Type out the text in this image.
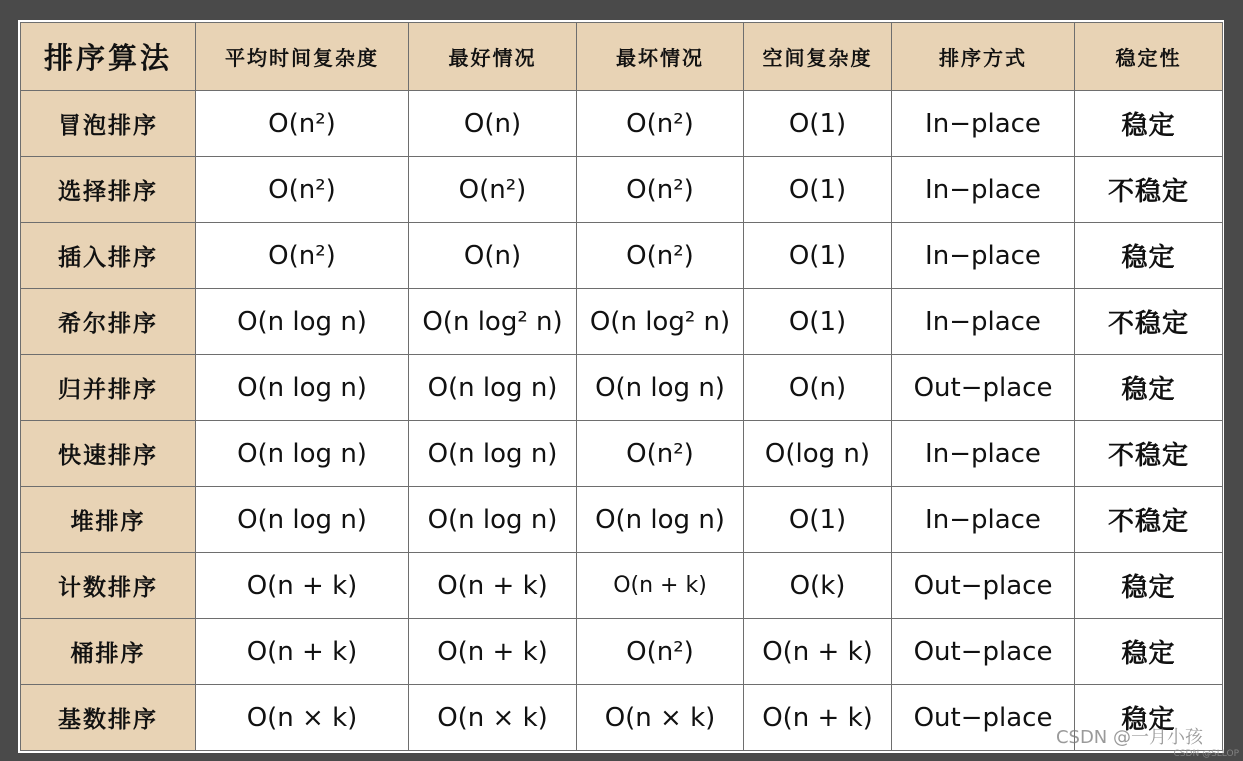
排序算法	平均时间复杂度	最好情况	最坏情况	空间复杂度	排序方式	稳定性
冒泡排序	O(n²)	O(n)	O(n²)	O(1)	In−place	稳定
选择排序	O(n²)	O(n²)	O(n²)	O(1)	In−place	不稳定
插入排序	O(n²)	O(n)	O(n²)	O(1)	In−place	稳定
希尔排序	O(n log n)	O(n log² n)	O(n log² n)	O(1)	In−place	不稳定
归并排序	O(n log n)	O(n log n)	O(n log n)	O(n)	Out−place	稳定
快速排序	O(n log n)	O(n log n)	O(n²)	O(log n)	In−place	不稳定
堆排序	O(n log n)	O(n log n)	O(n log n)	O(1)	In−place	不稳定
计数排序	O(n + k)	O(n + k)	O(n + k)	O(k)	Out−place	稳定
桶排序	O(n + k)	O(n + k)	O(n²)	O(n + k)	Out−place	稳定
基数排序	O(n × k)	O(n × k)	O(n × k)	O(n + k)	Out−place	稳定
CSDN @一月小孩
CSDN @SLLOP
